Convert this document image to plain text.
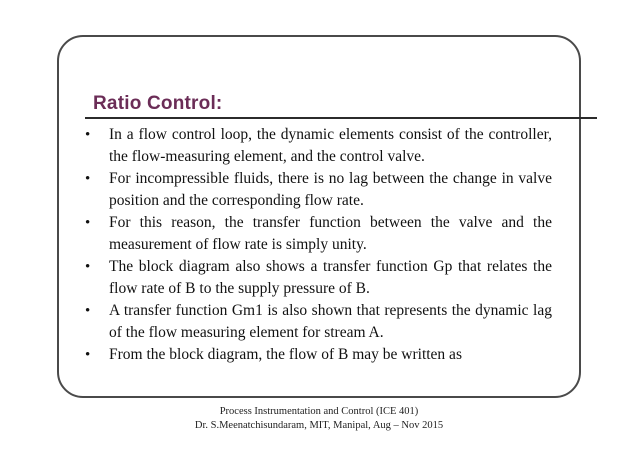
Ratio Control:
• In a flow control loop, the dynamic elements consist of the controller, the flow-measuring element, and the control valve.
• For incompressible fluids, there is no lag between the change in valve position and the corresponding flow rate.
• For this reason, the transfer function between the valve and the measurement of flow rate is simply unity.
• The block diagram also shows a transfer function Gp that relates the flow rate of B to the supply pressure of B.
• A transfer function Gm1 is also shown that represents the dynamic lag of the flow measuring element for stream A.
• From the block diagram, the flow of B may be written as
Process Instrumentation and Control (ICE 401)
Dr. S.Meenatchisundaram, MIT, Manipal, Aug – Nov 2015
